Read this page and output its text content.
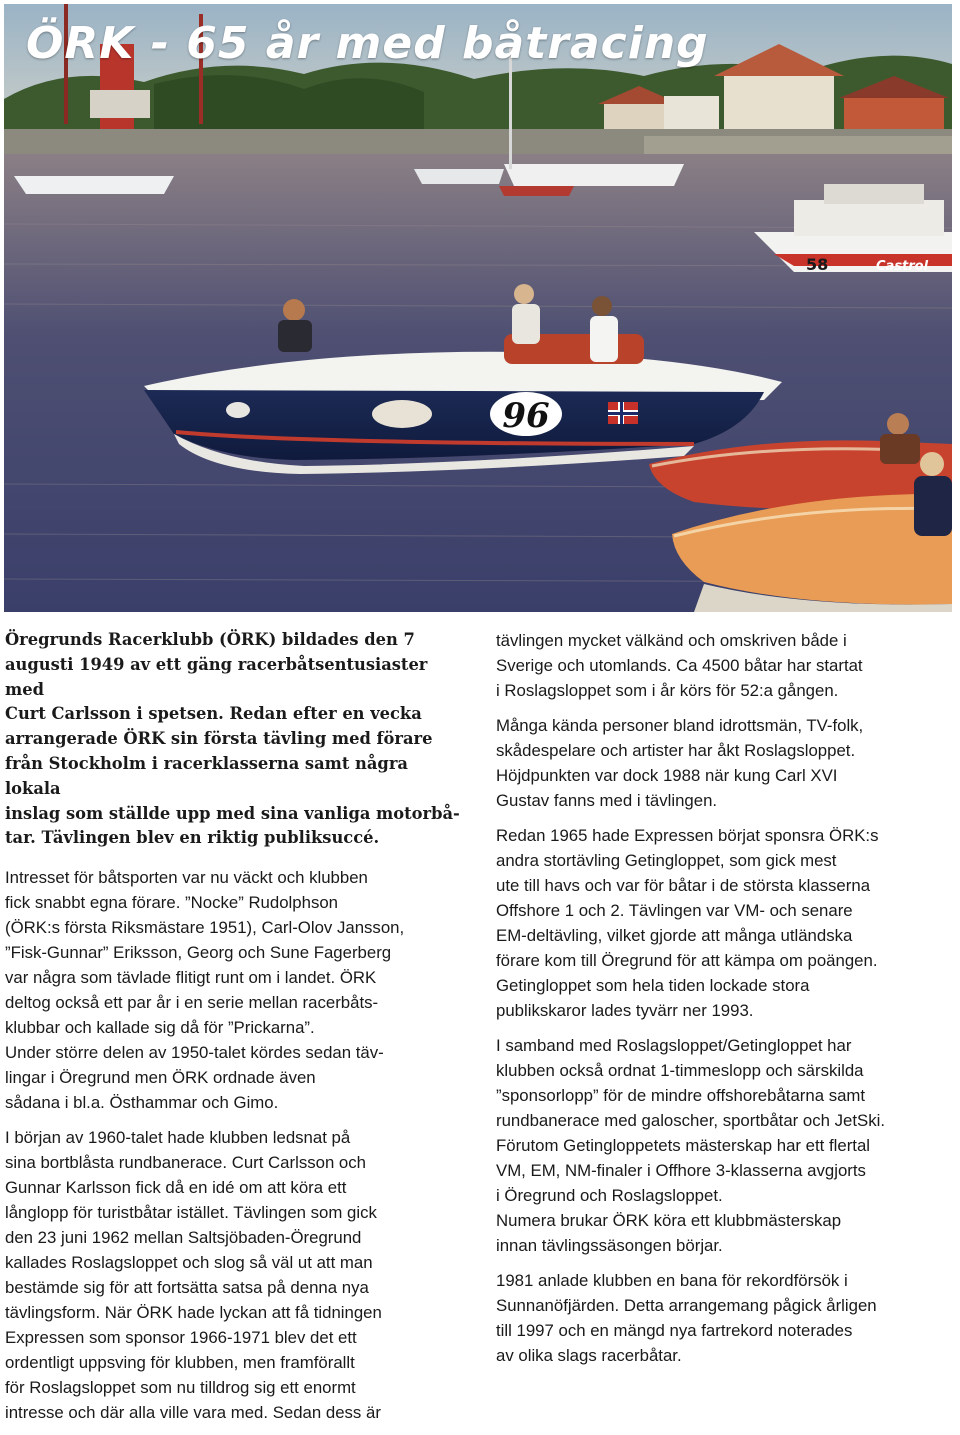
58	Castrol
96
ÖRK - 65 år med båtracing

Öregrunds Racerklubb (ÖRK) bildades den 7
augusti 1949 av ett gäng racerbåtsentusiaster med
Curt Carlsson i spetsen. Redan efter en vecka
arrangerade ÖRK sin första tävling med förare
från Stockholm i racerklasserna samt några lokala
inslag som ställde upp med sina vanliga motorbå-
tar. Tävlingen blev en riktig publiksuccé.

Intresset för båtsporten var nu väckt och klubben
fick snabbt egna förare. ”Nocke” Rudolphson
(ÖRK:s första Riksmästare 1951), Carl-Olov Jansson,
”Fisk-Gunnar” Eriksson, Georg och Sune Fagerberg
var några som tävlade flitigt runt om i landet. ÖRK
deltog också ett par år i en serie mellan racerbåts-
klubbar och kallade sig då för ”Prickarna”.
Under större delen av 1950-talet kördes sedan täv-
lingar i Öregrund men ÖRK ordnade även
sådana i bl.a. Östhammar och Gimo.

I början av 1960-talet hade klubben ledsnat på
sina bortblåsta rundbanerace. Curt Carlsson och
Gunnar Karlsson fick då en idé om att köra ett
långlopp för turistbåtar istället. Tävlingen som gick
den 23 juni 1962 mellan Saltsjöbaden-Öregrund
kallades Roslagsloppet och slog så väl ut att man
bestämde sig för att fortsätta satsa på denna nya
tävlingsform. När ÖRK hade lyckan att få tidningen
Expressen som sponsor 1966-1971 blev det ett
ordentligt uppsving för klubben, men framförallt
för Roslagsloppet som nu tilldrog sig ett enormt
intresse och där alla ville vara med. Sedan dess är

tävlingen mycket välkänd och omskriven både i
Sverige och utomlands. Ca 4500 båtar har startat
i Roslagsloppet som i år körs för 52:a gången.

Många kända personer bland idrottsmän, TV-folk,
skådespelare och artister har åkt Roslagsloppet.
Höjdpunkten var dock 1988 när kung Carl XVI
Gustav fanns med i tävlingen.

Redan 1965 hade Expressen börjat sponsra ÖRK:s
andra stortävling Getingloppet, som gick mest
ute till havs och var för båtar i de största klasserna
Offshore 1 och 2. Tävlingen var VM- och senare
EM-deltävling, vilket gjorde att många utländska
förare kom till Öregrund för att kämpa om poängen.
Getingloppet som hela tiden lockade stora
publikskaror lades tyvärr ner 1993.

I samband med Roslagsloppet/Getingloppet har
klubben också ordnat 1-timmeslopp och särskilda
”sponsorlopp” för de mindre offshorebåtarna samt
rundbanerace med galoscher, sportbåtar och JetSki.
Förutom Getingloppetets mästerskap har ett flertal
VM, EM, NM-finaler i Offhore 3-klasserna avgjorts
i Öregrund och Roslagsloppet.
Numera brukar ÖRK köra ett klubbmästerskap
innan tävlingssäsongen börjar.

1981 anlade klubben en bana för rekordförsök i
Sunnanöfjärden. Detta arrangemang pågick årligen
till 1997 och en mängd nya fartrekord noterades
av olika slags racerbåtar.
